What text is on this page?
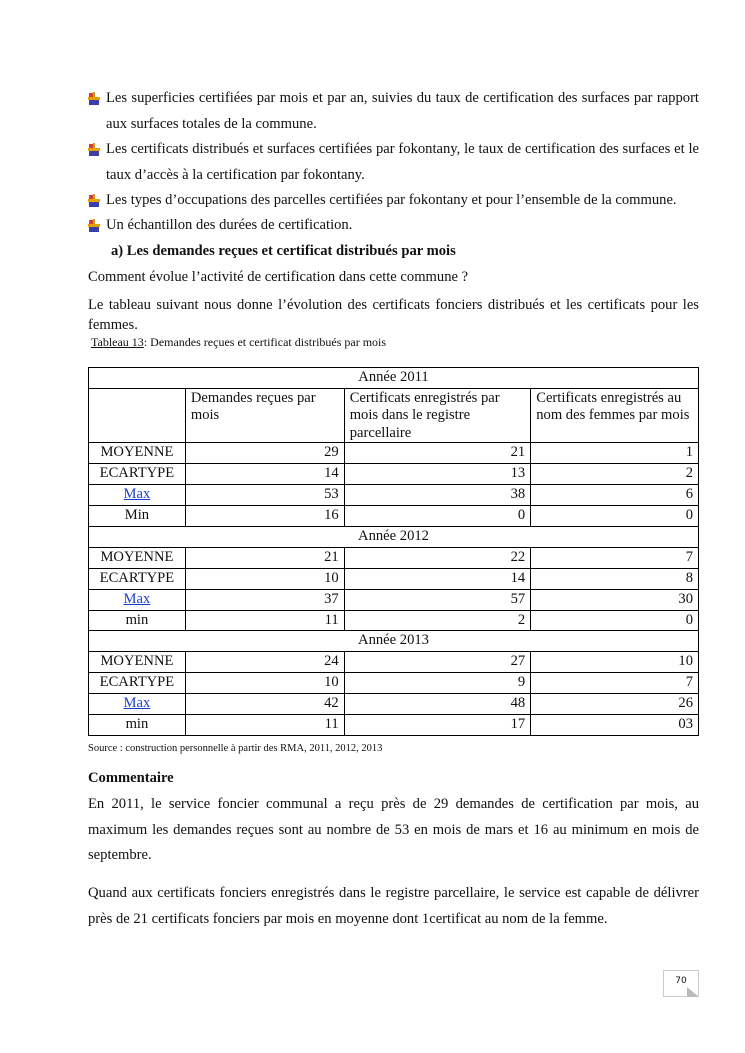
Les superficies certifiées par mois et par an, suivies du taux de certification des surfaces par rapport aux surfaces totales de la commune.
Les certificats distribués et surfaces certifiées par fokontany, le taux de certification des surfaces et le taux d’accès à la certification par fokontany.
Les types d’occupations des parcelles certifiées par fokontany et pour l’ensemble de la commune.
Un échantillon des durées de certification.
a) Les demandes reçues et certificat distribués par mois
Comment évolue l’activité de certification dans cette commune ?
Le tableau suivant nous donne l’évolution des certificats fonciers distribués et les certificats pour les femmes.
Tableau 13: Demandes reçues et certificat distribués par mois
Année 2011			
	Demandes reçues par mois	Certificats enregistrés par mois dans le registre parcellaire	Certificats enregistrés au nom des femmes par mois
MOYENNE	29	21	1
ECARTYPE	14	13	2
Max	53	38	6
Min	16	0	0
Année 2012			
MOYENNE	21	22	7
ECARTYPE	10	14	8
Max	37	57	30
min	11	2	0
Année 2013			
MOYENNE	24	27	10
ECARTYPE	10	9	7
Max	42	48	26
min	11	17	03
Source : construction personnelle à partir des RMA, 2011, 2012, 2013
Commentaire
En 2011, le service foncier communal a reçu près de 29 demandes de certification par mois, au maximum les demandes reçues sont au nombre de 53 en mois de mars et 16 au minimum en mois de septembre.
Quand aux certificats fonciers enregistrés dans le registre parcellaire, le service est capable de délivrer près de 21 certificats fonciers par mois en moyenne dont 1certificat au nom de la femme.
70
